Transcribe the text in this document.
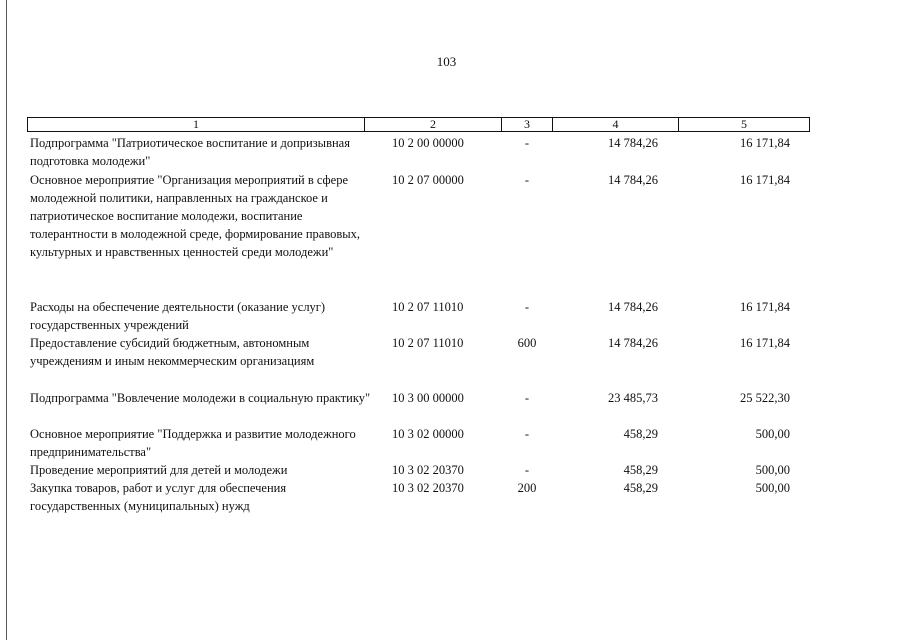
103
1	2	3	4	5
Подпрограмма "Патриотическое воспитание и допризывная подготовка молодежи"
10 2 00 00000	-	14 784,26	16 171,84
Основное мероприятие "Организация мероприятий в сфере молодежной политики, направленных на гражданское и патриотическое воспитание молодежи, воспитание толерантности в молодежной среде, формирование правовых, культурных и нравственных ценностей среди молодежи"
10 2 07 00000	-	14 784,26	16 171,84
Расходы на обеспечение деятельности (оказание услуг) государственных учреждений
10 2 07 11010	-	14 784,26	16 171,84
Предоставление субсидий бюджетным, автономным учреждениям и иным некоммерческим организациям
10 2 07 11010	600	14 784,26	16 171,84
Подпрограмма "Вовлечение молодежи в социальную практику"	10 3 00 00000	-	23 485,73	25 522,30
Основное мероприятие "Поддержка и развитие молодежного предпринимательства"
10 3 02 00000	-	458,29	500,00
Проведение мероприятий для детей и молодежи	10 3 02 20370	-	458,29	500,00
Закупка товаров, работ и услуг для обеспечения государственных (муниципальных) нужд
10 3 02 20370	200	458,29	500,00
